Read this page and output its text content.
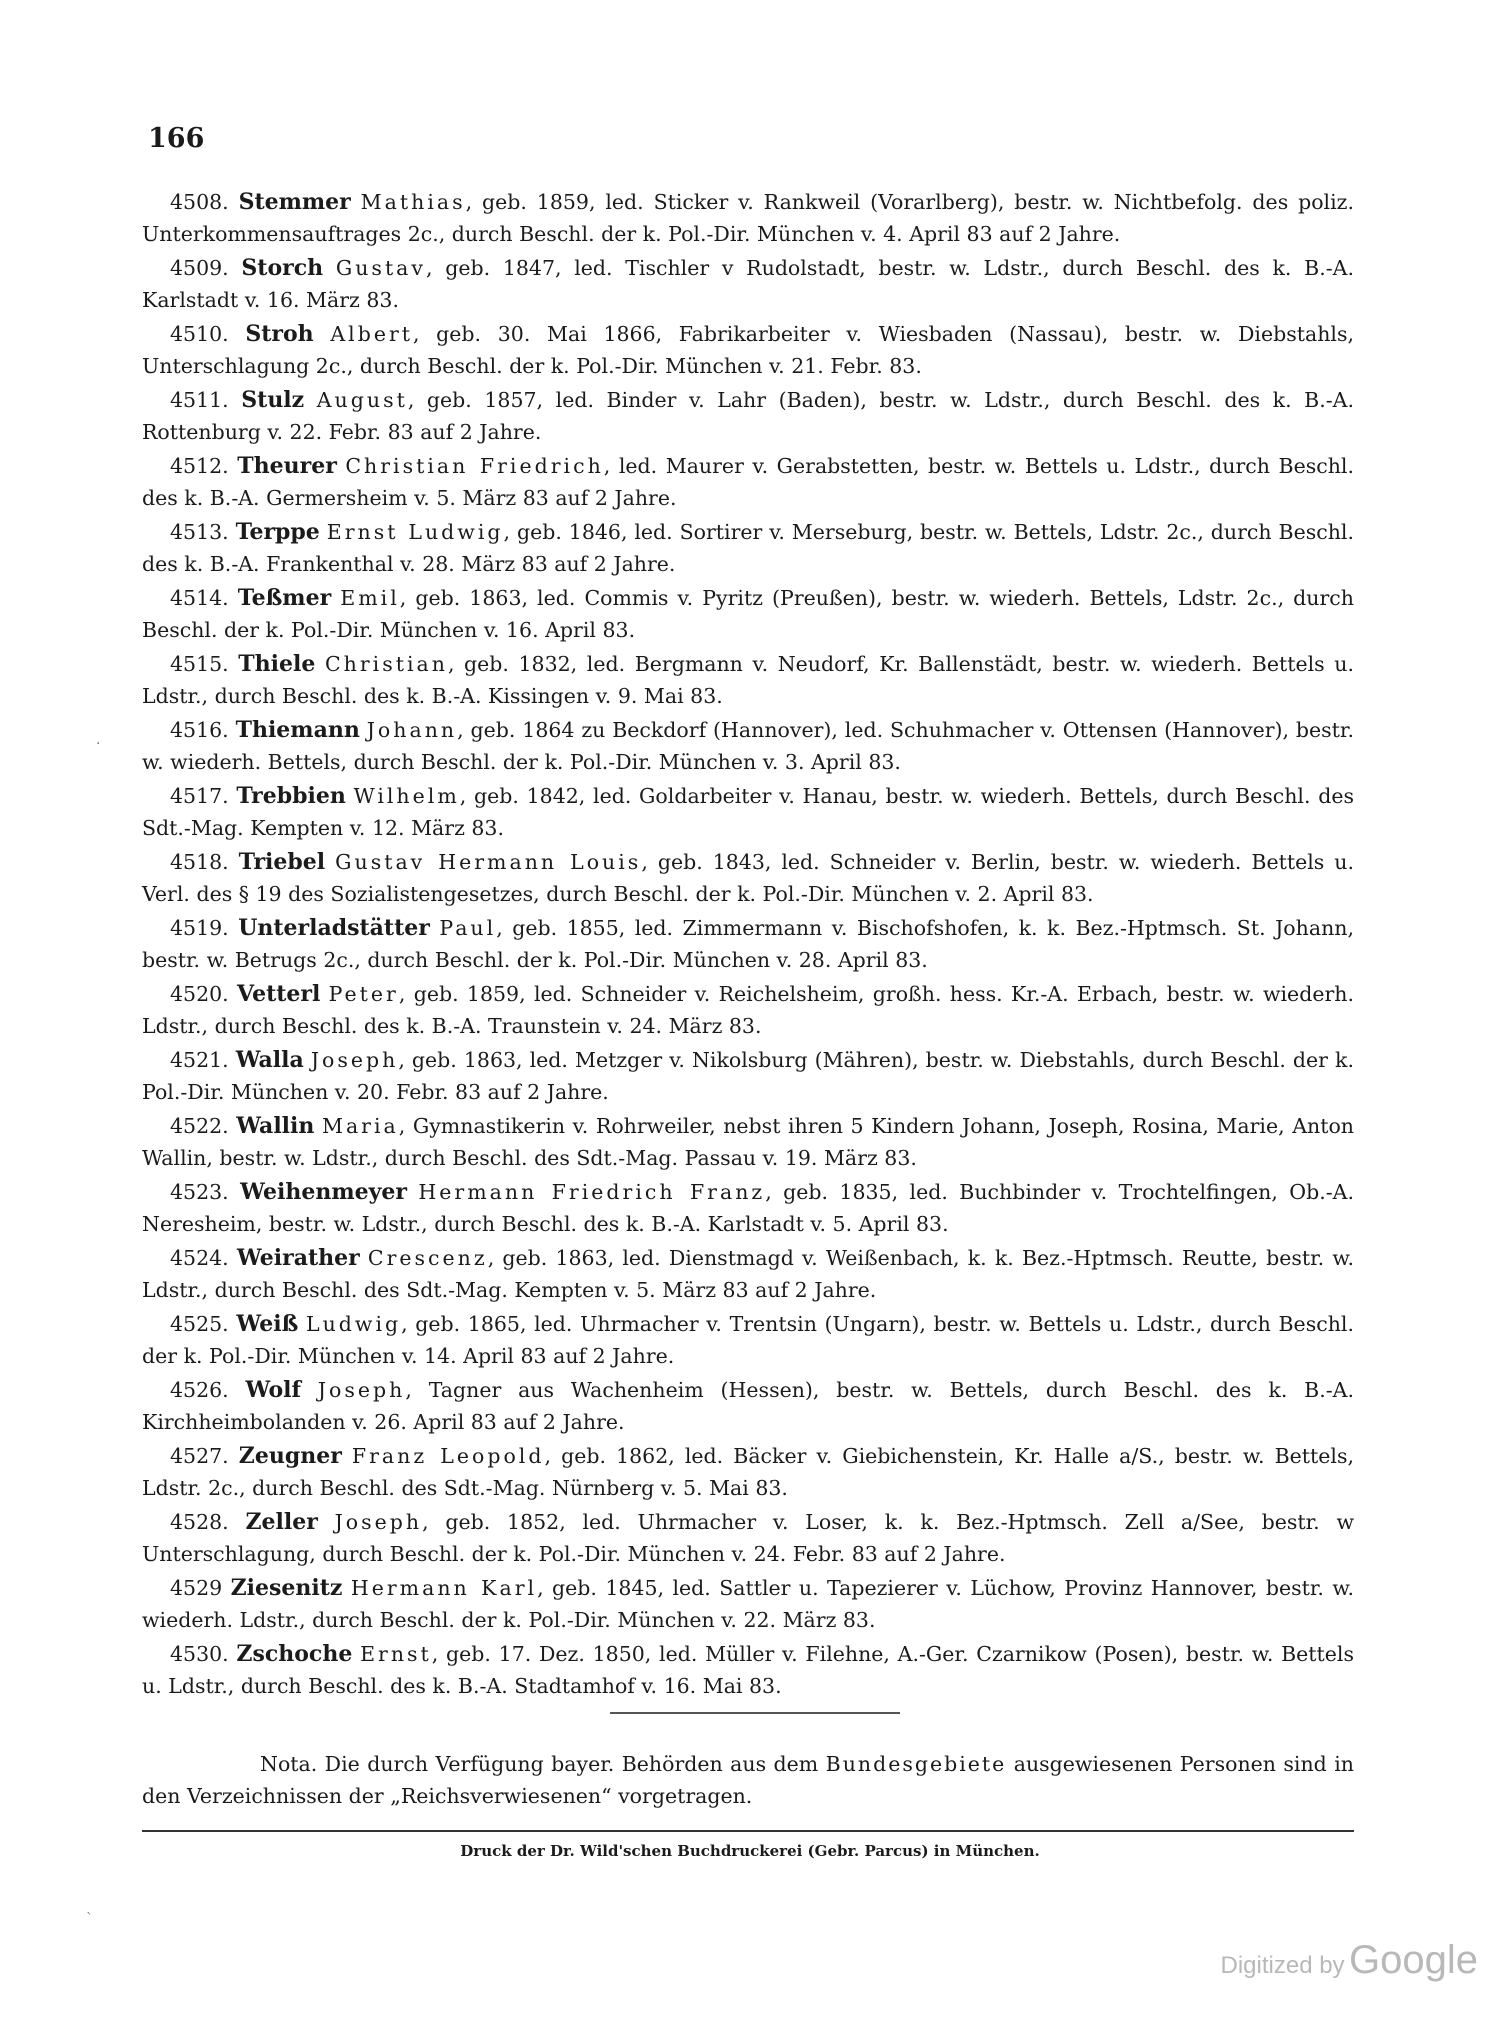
166
4508. Stemmer Mathias, geb. 1859, led. Sticker v. Rankweil (Vorarlberg), bestr. w. Nichtbefolg. des poliz. Unterkommensauftrages 2c., durch Beschl. der k. Pol.-Dir. München v. 4. April 83 auf 2 Jahre.
4509. Storch Gustav, geb. 1847, led. Tischler v Rudolstadt, bestr. w. Ldstr., durch Beschl. des k. B.-A. Karlstadt v. 16. März 83.
4510. Stroh Albert, geb. 30. Mai 1866, Fabrikarbeiter v. Wiesbaden (Nassau), bestr. w. Diebstahls, Unterschlagung 2c., durch Beschl. der k. Pol.-Dir. München v. 21. Febr. 83.
4511. Stulz August, geb. 1857, led. Binder v. Lahr (Baden), bestr. w. Ldstr., durch Beschl. des k. B.-A. Rottenburg v. 22. Febr. 83 auf 2 Jahre.
4512. Theurer Christian Friedrich, led. Maurer v. Gerabstetten, bestr. w. Bettels u. Ldstr., durch Beschl. des k. B.-A. Germersheim v. 5. März 83 auf 2 Jahre.
4513. Terppe Ernst Ludwig, geb. 1846, led. Sortirer v. Merseburg, bestr. w. Bettels, Ldstr. 2c., durch Beschl. des k. B.-A. Frankenthal v. 28. März 83 auf 2 Jahre.
4514. Teßmer Emil, geb. 1863, led. Commis v. Pyritz (Preußen), bestr. w. wiederh. Bettels, Ldstr. 2c., durch Beschl. der k. Pol.-Dir. München v. 16. April 83.
4515. Thiele Christian, geb. 1832, led. Bergmann v. Neudorf, Kr. Ballenstädt, bestr. w. wiederh. Bettels u. Ldstr., durch Beschl. des k. B.-A. Kissingen v. 9. Mai 83.
4516. Thiemann Johann, geb. 1864 zu Beckdorf (Hannover), led. Schuhmacher v. Ottensen (Hannover), bestr. w. wiederh. Bettels, durch Beschl. der k. Pol.-Dir. München v. 3. April 83.
4517. Trebbien Wilhelm, geb. 1842, led. Goldarbeiter v. Hanau, bestr. w. wiederh. Bettels, durch Beschl. des Sdt.-Mag. Kempten v. 12. März 83.
4518. Triebel Gustav Hermann Louis, geb. 1843, led. Schneider v. Berlin, bestr. w. wiederh. Bettels u. Verl. des § 19 des Sozialistengesetzes, durch Beschl. der k. Pol.-Dir. München v. 2. April 83.
4519. Unterladstätter Paul, geb. 1855, led. Zimmermann v. Bischofshofen, k. k. Bez.-Hptmsch. St. Johann, bestr. w. Betrugs 2c., durch Beschl. der k. Pol.-Dir. München v. 28. April 83.
4520. Vetterl Peter, geb. 1859, led. Schneider v. Reichelsheim, großh. hess. Kr.-A. Erbach, bestr. w. wiederh. Ldstr., durch Beschl. des k. B.-A. Traunstein v. 24. März 83.
4521. Walla Joseph, geb. 1863, led. Metzger v. Nikolsburg (Mähren), bestr. w. Diebstahls, durch Beschl. der k. Pol.-Dir. München v. 20. Febr. 83 auf 2 Jahre.
4522. Wallin Maria, Gymnastikerin v. Rohrweiler, nebst ihren 5 Kindern Johann, Joseph, Rosina, Marie, Anton Wallin, bestr. w. Ldstr., durch Beschl. des Sdt.-Mag. Passau v. 19. März 83.
4523. Weihenmeyer Hermann Friedrich Franz, geb. 1835, led. Buchbinder v. Trochtelfingen, Ob.-A. Neresheim, bestr. w. Ldstr., durch Beschl. des k. B.-A. Karlstadt v. 5. April 83.
4524. Weirather Crescenz, geb. 1863, led. Dienstmagd v. Weißenbach, k. k. Bez.-Hptmsch. Reutte, bestr. w. Ldstr., durch Beschl. des Sdt.-Mag. Kempten v. 5. März 83 auf 2 Jahre.
4525. Weiß Ludwig, geb. 1865, led. Uhrmacher v. Trentsin (Ungarn), bestr. w. Bettels u. Ldstr., durch Beschl. der k. Pol.-Dir. München v. 14. April 83 auf 2 Jahre.
4526. Wolf Joseph, Tagner aus Wachenheim (Hessen), bestr. w. Bettels, durch Beschl. des k. B.-A. Kirchheimbolanden v. 26. April 83 auf 2 Jahre.
4527. Zeugner Franz Leopold, geb. 1862, led. Bäcker v. Giebichenstein, Kr. Halle a/S., bestr. w. Bettels, Ldstr. 2c., durch Beschl. des Sdt.-Mag. Nürnberg v. 5. Mai 83.
4528. Zeller Joseph, geb. 1852, led. Uhrmacher v. Loser, k. k. Bez.-Hptmsch. Zell a/See, bestr. w Unterschlagung, durch Beschl. der k. Pol.-Dir. München v. 24. Febr. 83 auf 2 Jahre.
4529 Ziesenitz Hermann Karl, geb. 1845, led. Sattler u. Tapezierer v. Lüchow, Provinz Hannover, bestr. w. wiederh. Ldstr., durch Beschl. der k. Pol.-Dir. München v. 22. März 83.
4530. Zschoche Ernst, geb. 17. Dez. 1850, led. Müller v. Filehne, A.-Ger. Czarnikow (Posen), bestr. w. Bettels u. Ldstr., durch Beschl. des k. B.-A. Stadtamhof v. 16. Mai 83.
Nota. Die durch Verfügung bayer. Behörden aus dem Bundesgebiete ausgewiesenen Personen sind in den Verzeichnissen der „Reichsverwiesenen“ vorgetragen.
Druck der Dr. Wild'schen Buchdruckerei (Gebr. Parcus) in München.
Digitized by Google
·
`
